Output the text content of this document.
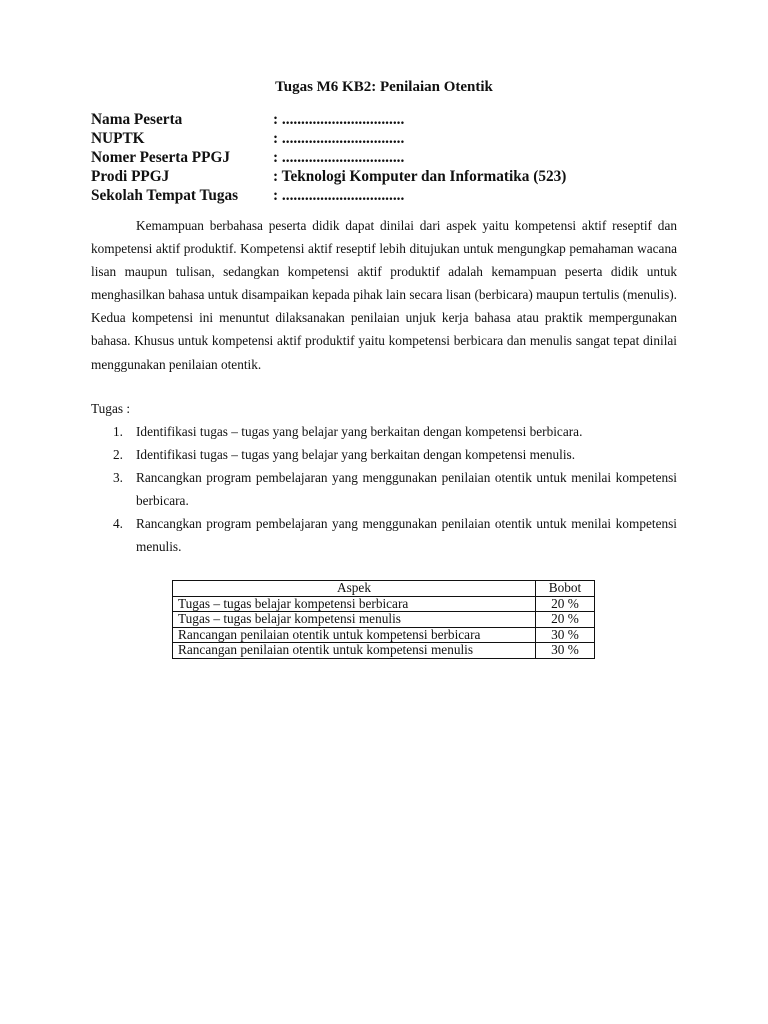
Tugas M6 KB2: Penilaian Otentik
Nama Peserta	: ................................
NUPTK	: ................................
Nomer Peserta PPGJ	: ................................
Prodi PPGJ	: Teknologi Komputer dan Informatika (523)
Sekolah Tempat Tugas	: ................................

Kemampuan berbahasa peserta didik dapat dinilai dari aspek yaitu kompetensi aktif reseptif dan kompetensi aktif produktif. Kompetensi aktif reseptif lebih ditujukan untuk mengungkap pemahaman wacana lisan maupun tulisan, sedangkan kompetensi aktif produktif adalah kemampuan peserta didik untuk menghasilkan bahasa untuk disampaikan kepada pihak lain secara lisan (berbicara) maupun tertulis (menulis). Kedua kompetensi ini menuntut dilaksanakan penilaian unjuk kerja bahasa atau praktik mempergunakan bahasa. Khusus untuk kompetensi aktif produktif yaitu kompetensi berbicara dan menulis sangat tepat dinilai menggunakan penilaian otentik.

Tugas :
1. Identifikasi tugas – tugas yang belajar yang berkaitan dengan kompetensi berbicara.
2. Identifikasi tugas – tugas yang belajar yang berkaitan dengan kompetensi menulis.
3. Rancangkan program pembelajaran yang menggunakan penilaian otentik untuk menilai kompetensi berbicara.
4. Rancangkan program pembelajaran yang menggunakan penilaian otentik untuk menilai kompetensi menulis.
Aspek	Bobot
Tugas – tugas belajar kompetensi berbicara	20 %
Tugas – tugas belajar kompetensi menulis	20 %
Rancangan penilaian otentik untuk kompetensi berbicara	30 %
Rancangan penilaian otentik untuk kompetensi menulis	30 %
